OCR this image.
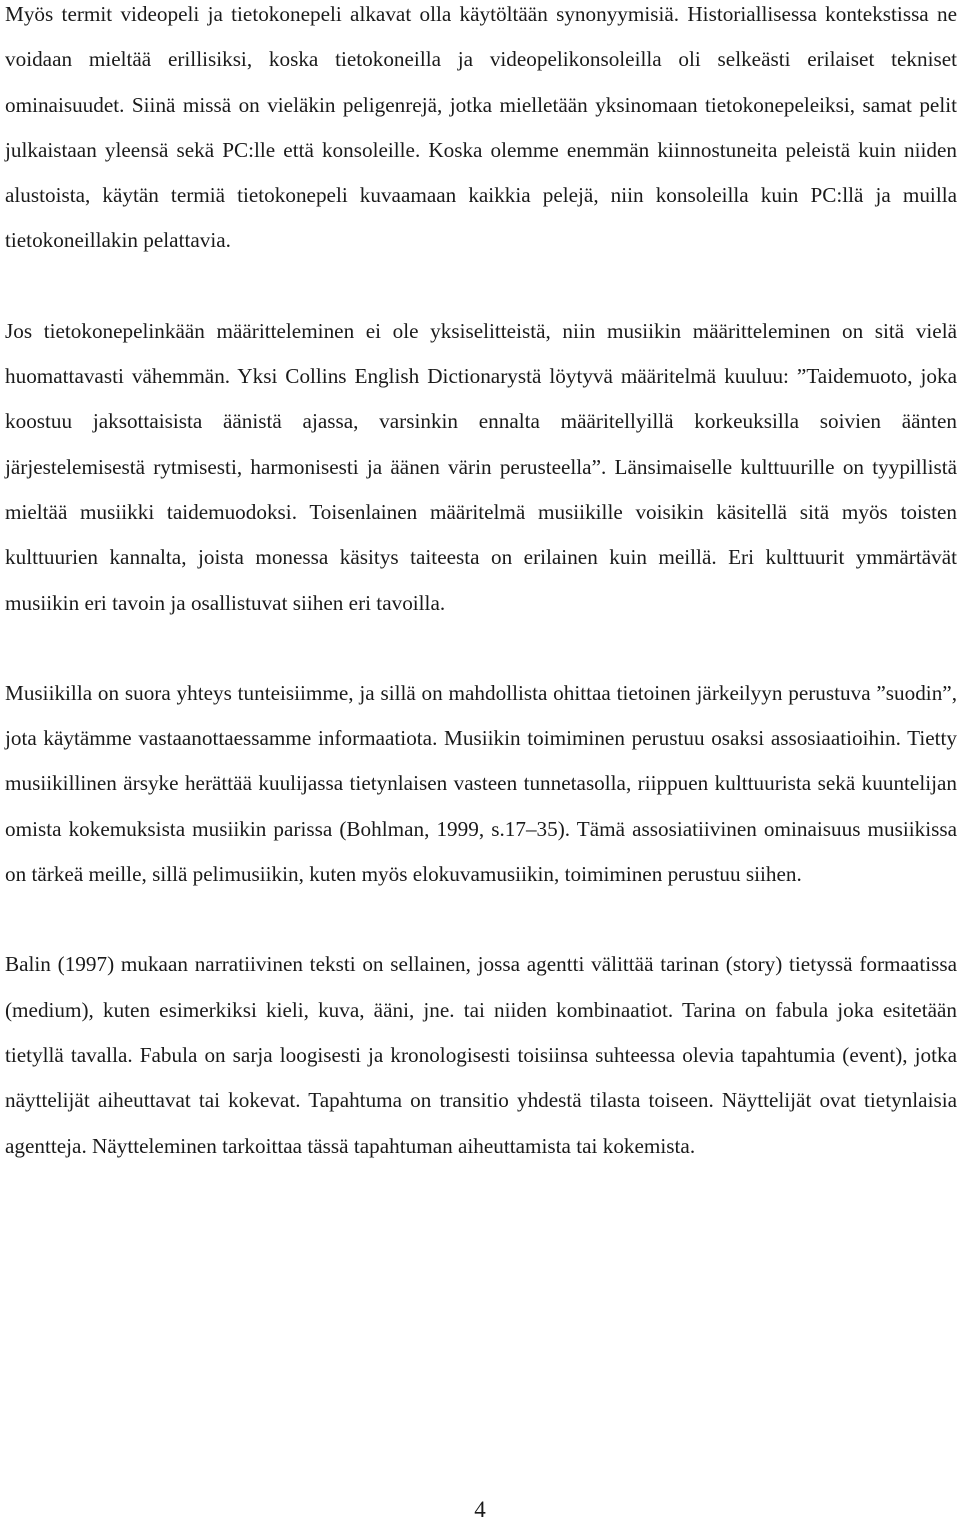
Myös termit videopeli ja tietokonepeli alkavat olla käytöltään synonyymisiä. Historiallisessa kontekstissa ne voidaan mieltää erillisiksi, koska tietokoneilla ja videopelikonsoleilla oli selkeästi erilaiset tekniset ominaisuudet. Siinä missä on vieläkin peligenrejä, jotka mielletään yksinomaan tietokonepeleiksi, samat pelit julkaistaan yleensä sekä PC:lle että konsoleille. Koska olemme enemmän kiinnostuneita peleistä kuin niiden alustoista, käytän termiä tietokonepeli kuvaamaan kaikkia pelejä, niin konsoleilla kuin PC:llä ja muilla tietokoneillakin pelattavia.

Jos tietokonepelinkään määritteleminen ei ole yksiselitteistä, niin musiikin määritteleminen on sitä vielä huomattavasti vähemmän. Yksi Collins English Dictionarystä löytyvä määritelmä kuuluu: ”Taidemuoto, joka koostuu jaksottaisista äänistä ajassa, varsinkin ennalta määritellyillä korkeuksilla soivien äänten järjestelemisestä rytmisesti, harmonisesti ja äänen värin perusteella”. Länsimaiselle kulttuurille on tyypillistä mieltää musiikki taidemuodoksi. Toisenlainen määritelmä musiikille voisikin käsitellä sitä myös toisten kulttuurien kannalta, joista monessa käsitys taiteesta on erilainen kuin meillä. Eri kulttuurit ymmärtävät musiikin eri tavoin ja osallistuvat siihen eri tavoilla.

Musiikilla on suora yhteys tunteisiimme, ja sillä on mahdollista ohittaa tietoinen järkeilyyn perustuva ”suodin”, jota käytämme vastaanottaessamme informaatiota. Musiikin toimiminen perustuu osaksi assosiaatioihin. Tietty musiikillinen ärsyke herättää kuulijassa tietynlaisen vasteen tunnetasolla, riippuen kulttuurista sekä kuuntelijan omista kokemuksista musiikin parissa (Bohlman, 1999, s.17–35). Tämä assosiatiivinen ominaisuus musiikissa on tärkeä meille, sillä pelimusiikin, kuten myös elokuvamusiikin, toimiminen perustuu siihen.

Balin (1997) mukaan narratiivinen teksti on sellainen, jossa agentti välittää tarinan (story) tietyssä formaatissa (medium), kuten esimerkiksi kieli, kuva, ääni, jne. tai niiden kombinaatiot. Tarina on fabula joka esitetään tietyllä tavalla. Fabula on sarja loogisesti ja kronologisesti toisiinsa suhteessa olevia tapahtumia (event), jotka näyttelijät aiheuttavat tai kokevat. Tapahtuma on transitio yhdestä tilasta toiseen. Näyttelijät ovat tietynlaisia agentteja. Näytteleminen tarkoittaa tässä tapahtuman aiheuttamista tai kokemista.

4
